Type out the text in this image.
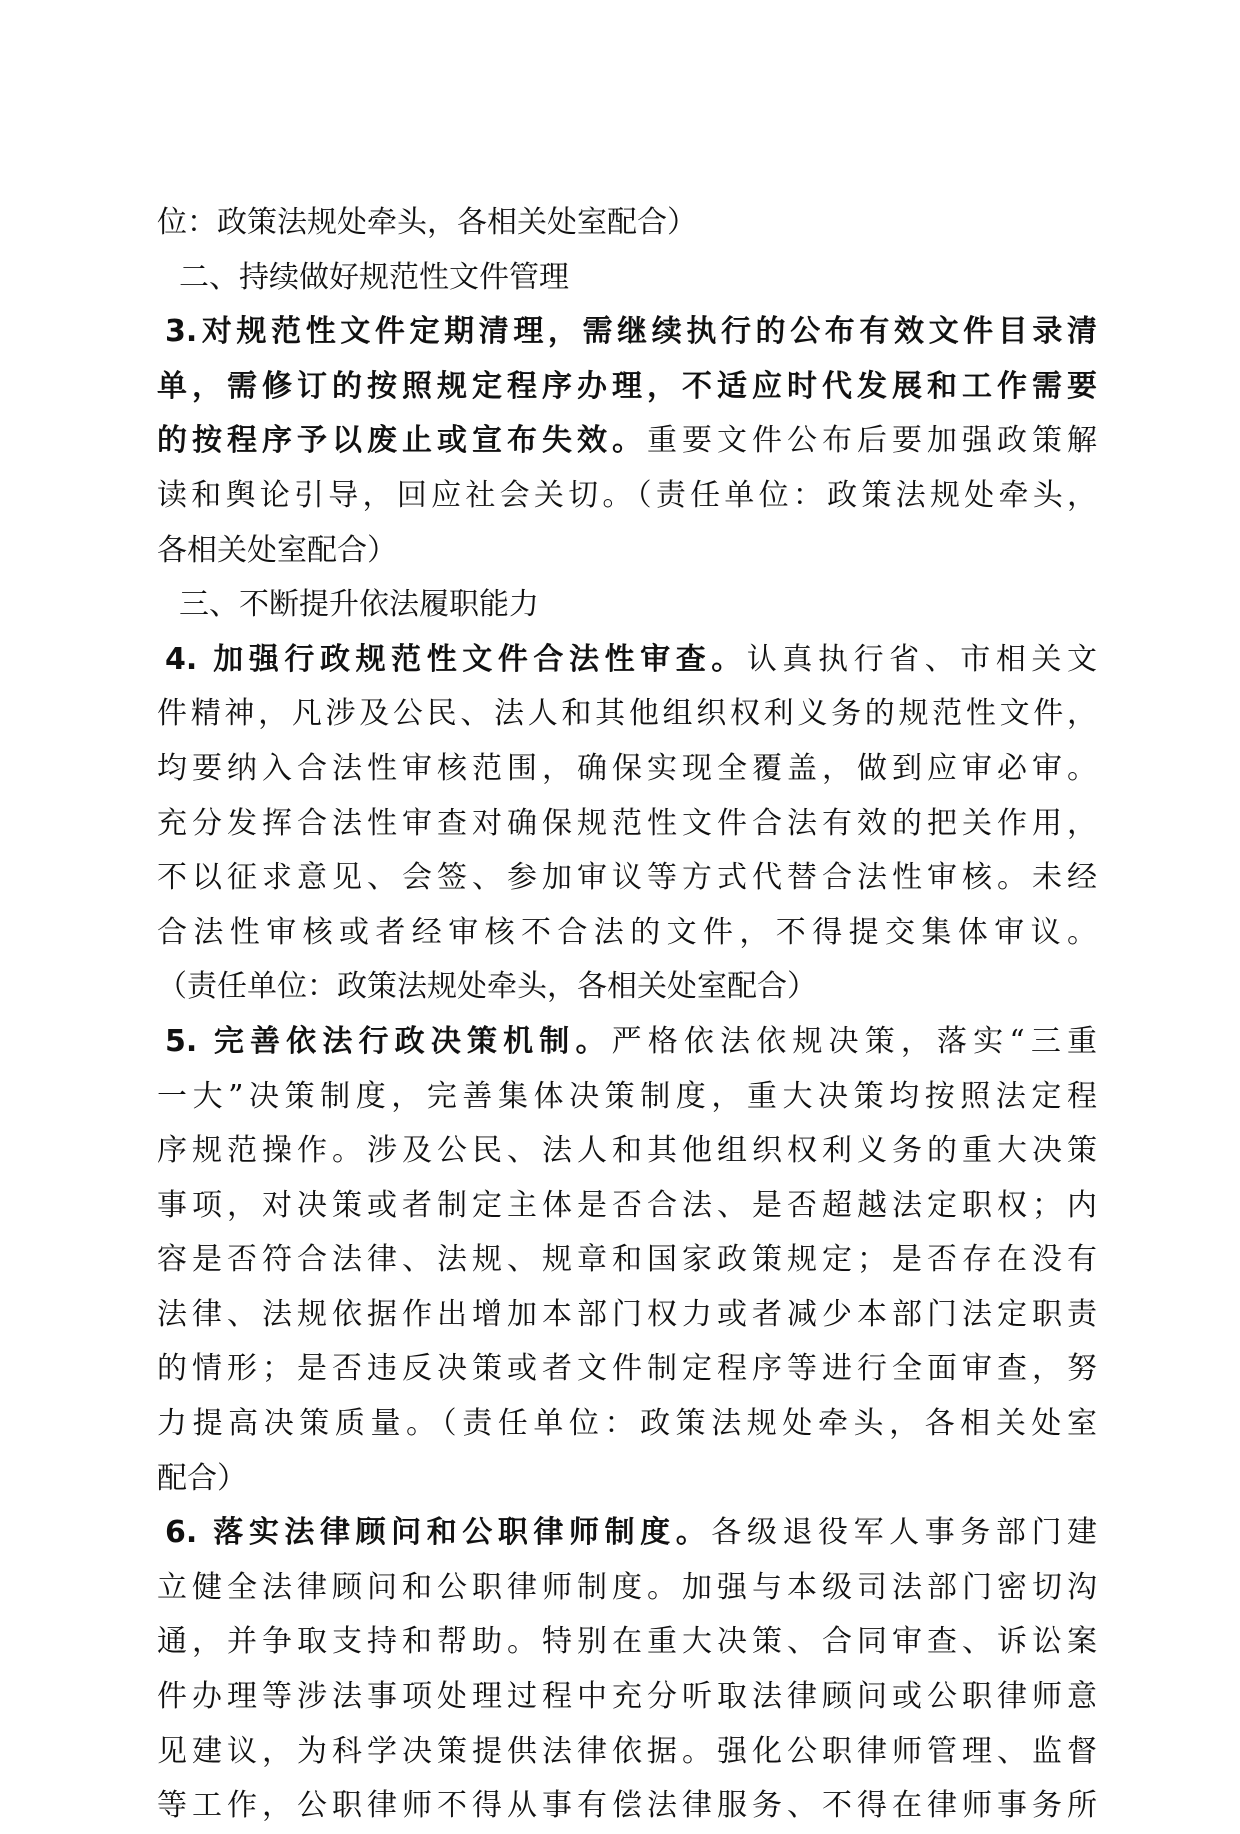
位：政策法规处牵头，各相关处室配合）
二、持续做好规范性文件管理
3.对规范性文件定期清理，需继续执行的公布有效文件目录清
单，需修订的按照规定程序办理，不适应时代发展和工作需要
的按程序予以废止或宣布失效。重要文件公布后要加强政策解
读和舆论引导，回应社会关切。（责任单位：政策法规处牵头，
各相关处室配合）
三、不断提升依法履职能力
4. 加强行政规范性文件合法性审查。认真执行省、市相关文
件精神，凡涉及公民、法人和其他组织权利义务的规范性文件，
均要纳入合法性审核范围，确保实现全覆盖，做到应审必审。
充分发挥合法性审查对确保规范性文件合法有效的把关作用，
不以征求意见、会签、参加审议等方式代替合法性审核。未经
合法性审核或者经审核不合法的文件，不得提交集体审议。
（责任单位：政策法规处牵头，各相关处室配合）
5. 完善依法行政决策机制。严格依法依规决策，落实“三重
一大”决策制度，完善集体决策制度，重大决策均按照法定程
序规范操作。涉及公民、法人和其他组织权利义务的重大决策
事项，对决策或者制定主体是否合法、是否超越法定职权；内
容是否符合法律、法规、规章和国家政策规定；是否存在没有
法律、法规依据作出增加本部门权力或者减少本部门法定职责
的情形；是否违反决策或者文件制定程序等进行全面审查，努
力提高决策质量。（责任单位：政策法规处牵头，各相关处室
配合）
6. 落实法律顾问和公职律师制度。各级退役军人事务部门建
立健全法律顾问和公职律师制度。加强与本级司法部门密切沟
通，并争取支持和帮助。特别在重大决策、合同审查、诉讼案
件办理等涉法事项处理过程中充分听取法律顾问或公职律师意
见建议，为科学决策提供法律依据。强化公职律师管理、监督
等工作，公职律师不得从事有偿法律服务、不得在律师事务所
